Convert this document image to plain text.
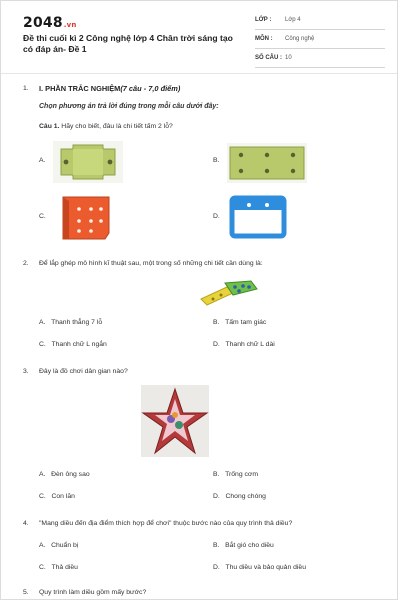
2048.vn
Đề thi cuối kì 2 Công nghệ lớp 4 Chân trời sáng tạo có đáp án- Đề 1
LỚP : Lớp 4
MÔN : Công nghệ
SỐ CÂU : 10
1. I. PHẦN TRẮC NGHIỆM(7 câu - 7,0 điểm)
Chọn phương án trả lời đúng trong mỗi câu dưới đây:
Câu 1. Hãy cho biết, đâu là chi tiết tấm 2 lỗ?
A.	B.
C.	D.
2. Để lắp ghép mô hình kĩ thuật sau, một trong số những chi tiết cần dùng là:
A. Thanh thẳng 7 lỗ	B. Tấm tam giác
C. Thanh chữ L ngắn	D. Thanh chữ L dài
3. Đây là đồ chơi dân gian nào?
A. Đèn ông sao	B. Trống cơm
C. Con lăn	D. Chong chóng
4. "Mang diều đến địa điểm thích hợp để chơi" thuộc bước nào của quy trình thả diều?
A. Chuẩn bị	B. Bắt gió cho diều
C. Thả diều	D. Thu diều và bảo quản diều
5. Quy trình làm diều gồm mấy bước?
